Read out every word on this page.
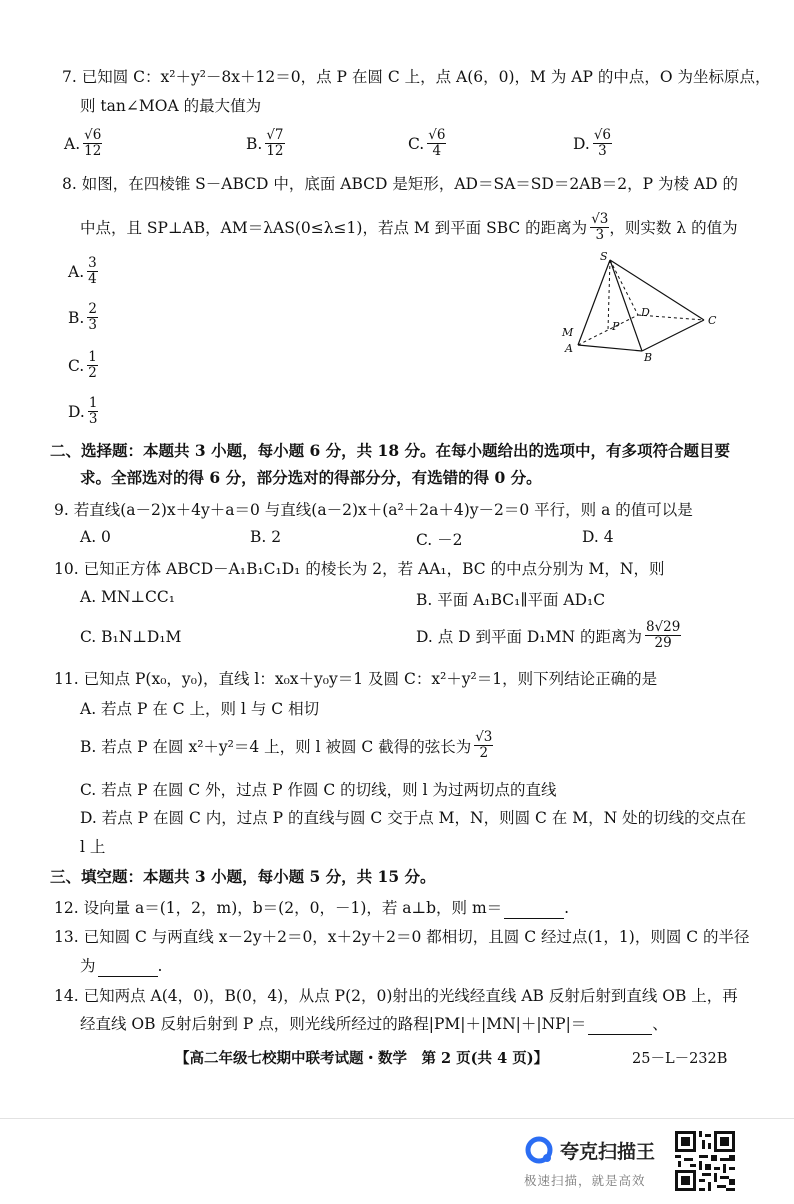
7. 已知圆 C：x²＋y²－8x＋12＝0，点 P 在圆 C 上，点 A(6，0)，M 为 AP 的中点，O 为坐标原点，
则 tan∠MOA 的最大值为
A. $\frac{√6}{12}$	B. $\frac{√7}{12}$	C. $\frac{√6}{4}$	D. $\frac{√6}{3}$
8. 如图，在四棱锥 S－ABCD 中，底面 ABCD 是矩形，AD＝SA＝SD＝2AB＝2，P 为棱 AD 的
中点，且 SP⊥AB，AM＝λAS(0≤λ≤1)，若点 M 到平面 SBC 的距离为 $\frac{√3}{3}$ ，则实数 λ 的值为
A. $\frac{3}{4}$
B. $\frac{2}{3}$
C. $\frac{1}{2}$
D. $\frac{1}{3}$
S
M
A
P
D
B
C
二、选择题：本题共 3 小题，每小题 6 分，共 18 分。在每小题给出的选项中，有多项符合题目要
求。全部选对的得 6 分，部分选对的得部分分，有选错的得 0 分。
9. 若直线(a－2)x＋4y＋a＝0 与直线(a－2)x＋(a²＋2a＋4)y－2＝0 平行，则 a 的值可以是
A. 0	B. 2	C. －2	D. 4
10. 已知正方体 ABCD－A₁B₁C₁D₁ 的棱长为 2，若 AA₁，BC 的中点分别为 M，N，则
A. MN⊥CC₁	B. 平面 A₁BC₁∥平面 AD₁C
C. B₁N⊥D₁M	D. 点 D 到平面 D₁MN 的距离为 $\frac{8√29}{29}$
11. 已知点 P(x₀，y₀)，直线 l：x₀x＋y₀y＝1 及圆 C：x²＋y²＝1，则下列结论正确的是
A. 若点 P 在 C 上，则 l 与 C 相切
B. 若点 P 在圆 x²＋y²＝4 上，则 l 被圆 C 截得的弦长为 $\frac{√3}{2}$
C. 若点 P 在圆 C 外，过点 P 作圆 C 的切线，则 l 为过两切点的直线
D. 若点 P 在圆 C 内，过点 P 的直线与圆 C 交于点 M，N，则圆 C 在 M，N 处的切线的交点在
l 上
三、填空题：本题共 3 小题，每小题 5 分，共 15 分。
12. 设向量 a＝(1，2，m)，b＝(2，0，－1)，若 a⊥b，则 m＝	.
13. 已知圆 C 与两直线 x－2y＋2＝0，x＋2y＋2＝0 都相切，且圆 C 经过点(1，1)，则圆 C 的半径
为	.
14. 已知两点 A(4，0)，B(0，4)，从点 P(2，0)射出的光线经直线 AB 反射后射到直线 OB 上，再
经直线 OB 反射后射到 P 点，则光线所经过的路程|PM|＋|MN|＋|NP|＝	、
【高二年级七校期中联考试题・数学　第 2 页(共 4 页)】	25－L－232B
夸克扫描王
极速扫描，就是高效
